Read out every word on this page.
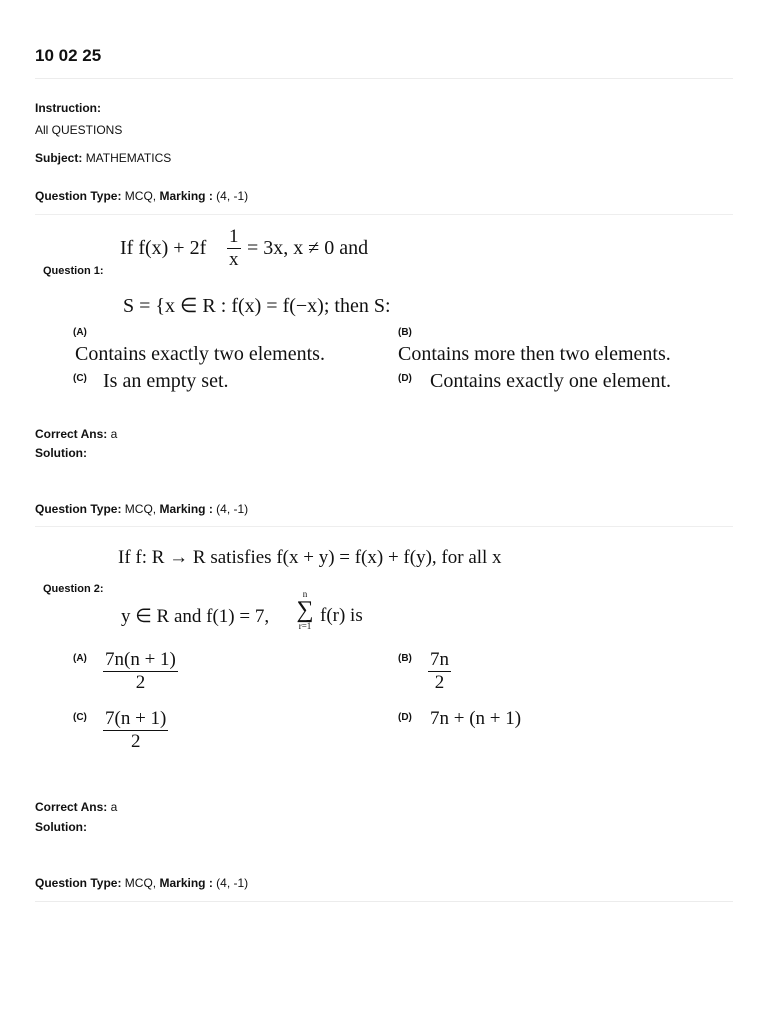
10 02 25
Instruction:
All QUESTIONS
Subject: MATHEMATICS
Question Type: MCQ, Marking : (4, -1)
Question 1:
If f(x) + 2f
1
x
= 3x, x ≠ 0 and
S = {x ∈ R : f(x) = f(−x); then S:
(A)
Contains exactly two elements.
(B)
Contains more then two elements.
(C) Is an empty set.	(D) Contains exactly one element.
Correct Ans: a
Solution:
Question Type: MCQ, Marking : (4, -1)
Question 2:
If f: R → R satisfies f(x + y) = f(x) + f(y), for all x
y ∈ R and f(1) = 7,
n
∑
r=1 f(r) is
(A) 7n(n + 1)
2
(B) 7n
2
(C) 7(n + 1)
2
(D) 7n + (n + 1)
Correct Ans: a
Solution:
Question Type: MCQ, Marking : (4, -1)
